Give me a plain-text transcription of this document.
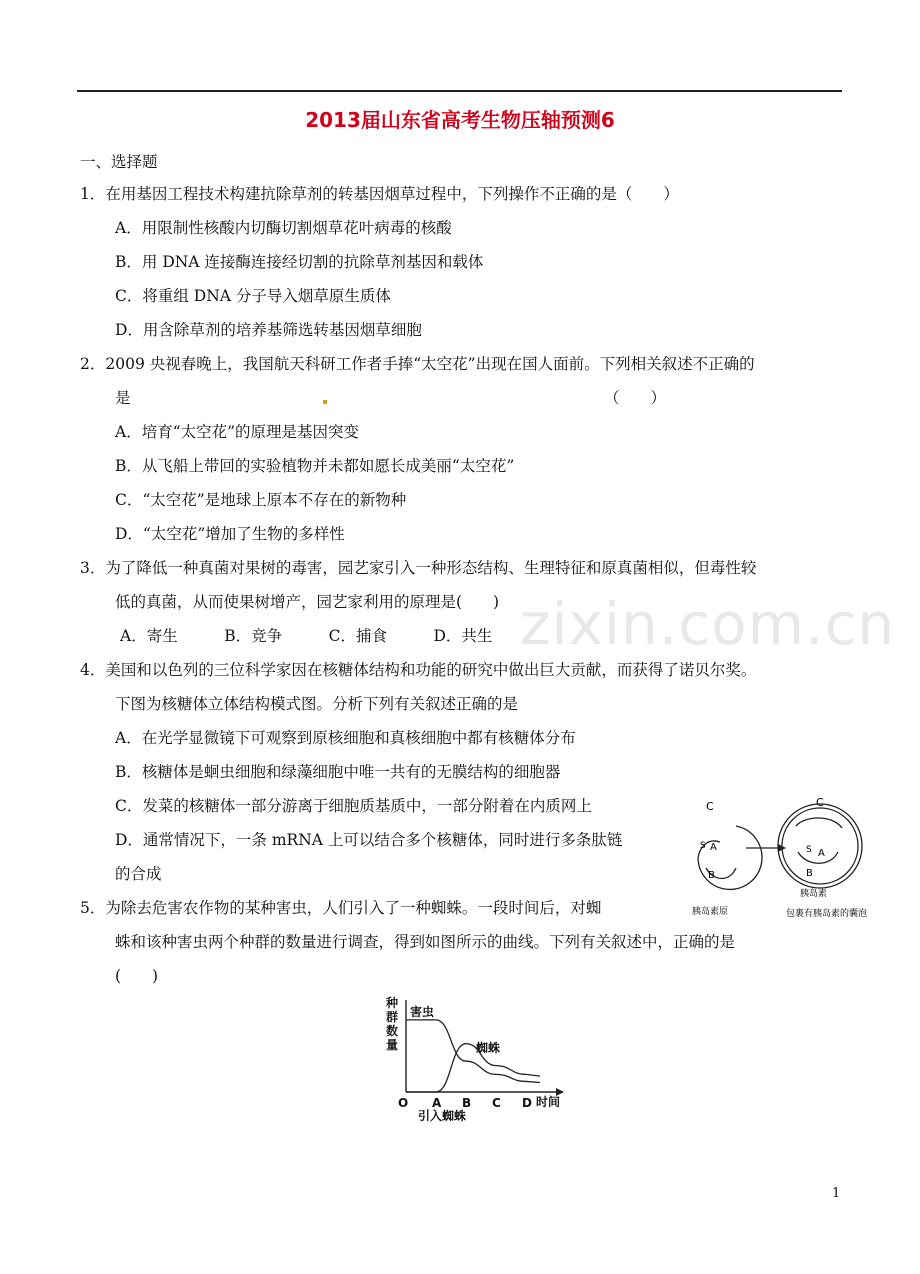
2013届山东省高考生物压轴预测6
一、选择题
1．在用基因工程技术构建抗除草剂的转基因烟草过程中，下列操作不正确的是（　　）
A．用限制性核酸内切酶切割烟草花叶病毒的核酸
B．用 DNA 连接酶连接经切割的抗除草剂基因和载体
C．将重组 DNA 分子导入烟草原生质体
D．用含除草剂的培养基筛选转基因烟草细胞
2．2009 央视春晚上，我国航天科研工作者手捧“太空花”出现在国人面前。下列相关叙述不正确的
是	（　　）
A．培育“太空花”的原理是基因突变
B．从飞船上带回的实验植物并未都如愿长成美丽“太空花”
C．“太空花”是地球上原本不存在的新物种
D．“太空花”增加了生物的多样性
3．为了降低一种真菌对果树的毒害，园艺家引入一种形态结构、生理特征和原真菌相似，但毒性较
低的真菌，从而使果树增产，园艺家利用的原理是(　　)
A．寄生　　　B．竞争　　　C．捕食　　　D．共生 zixin.com.cn
4．美国和以色列的三位科学家因在核糖体结构和功能的研究中做出巨大贡献，而获得了诺贝尔奖。
下图为核糖体立体结构模式图。分析下列有关叙述正确的是
A．在光学显微镜下可观察到原核细胞和真核细胞中都有核糖体分布
B．核糖体是蛔虫细胞和绿藻细胞中唯一共有的无膜结构的细胞器
C．发菜的核糖体一部分游离于细胞质基质中，一部分附着在内质网上
D．通常情况下，一条 mRNA 上可以结合多个核糖体，同时进行多条肽链
的合成
C
A
S
B
C
A
S
B
胰岛素
胰岛素原	包裹有胰岛素的囊泡
5．为除去危害农作物的某种害虫，人们引入了一种蜘蛛。一段时间后，对蜘
蛛和该种害虫两个种群的数量进行调查，得到如图所示的曲线。下列有关叙述中，正确的是
(　　)
种
群
数
量
害虫
蜘蛛
时间
引入蜘蛛
O A B C D
1
